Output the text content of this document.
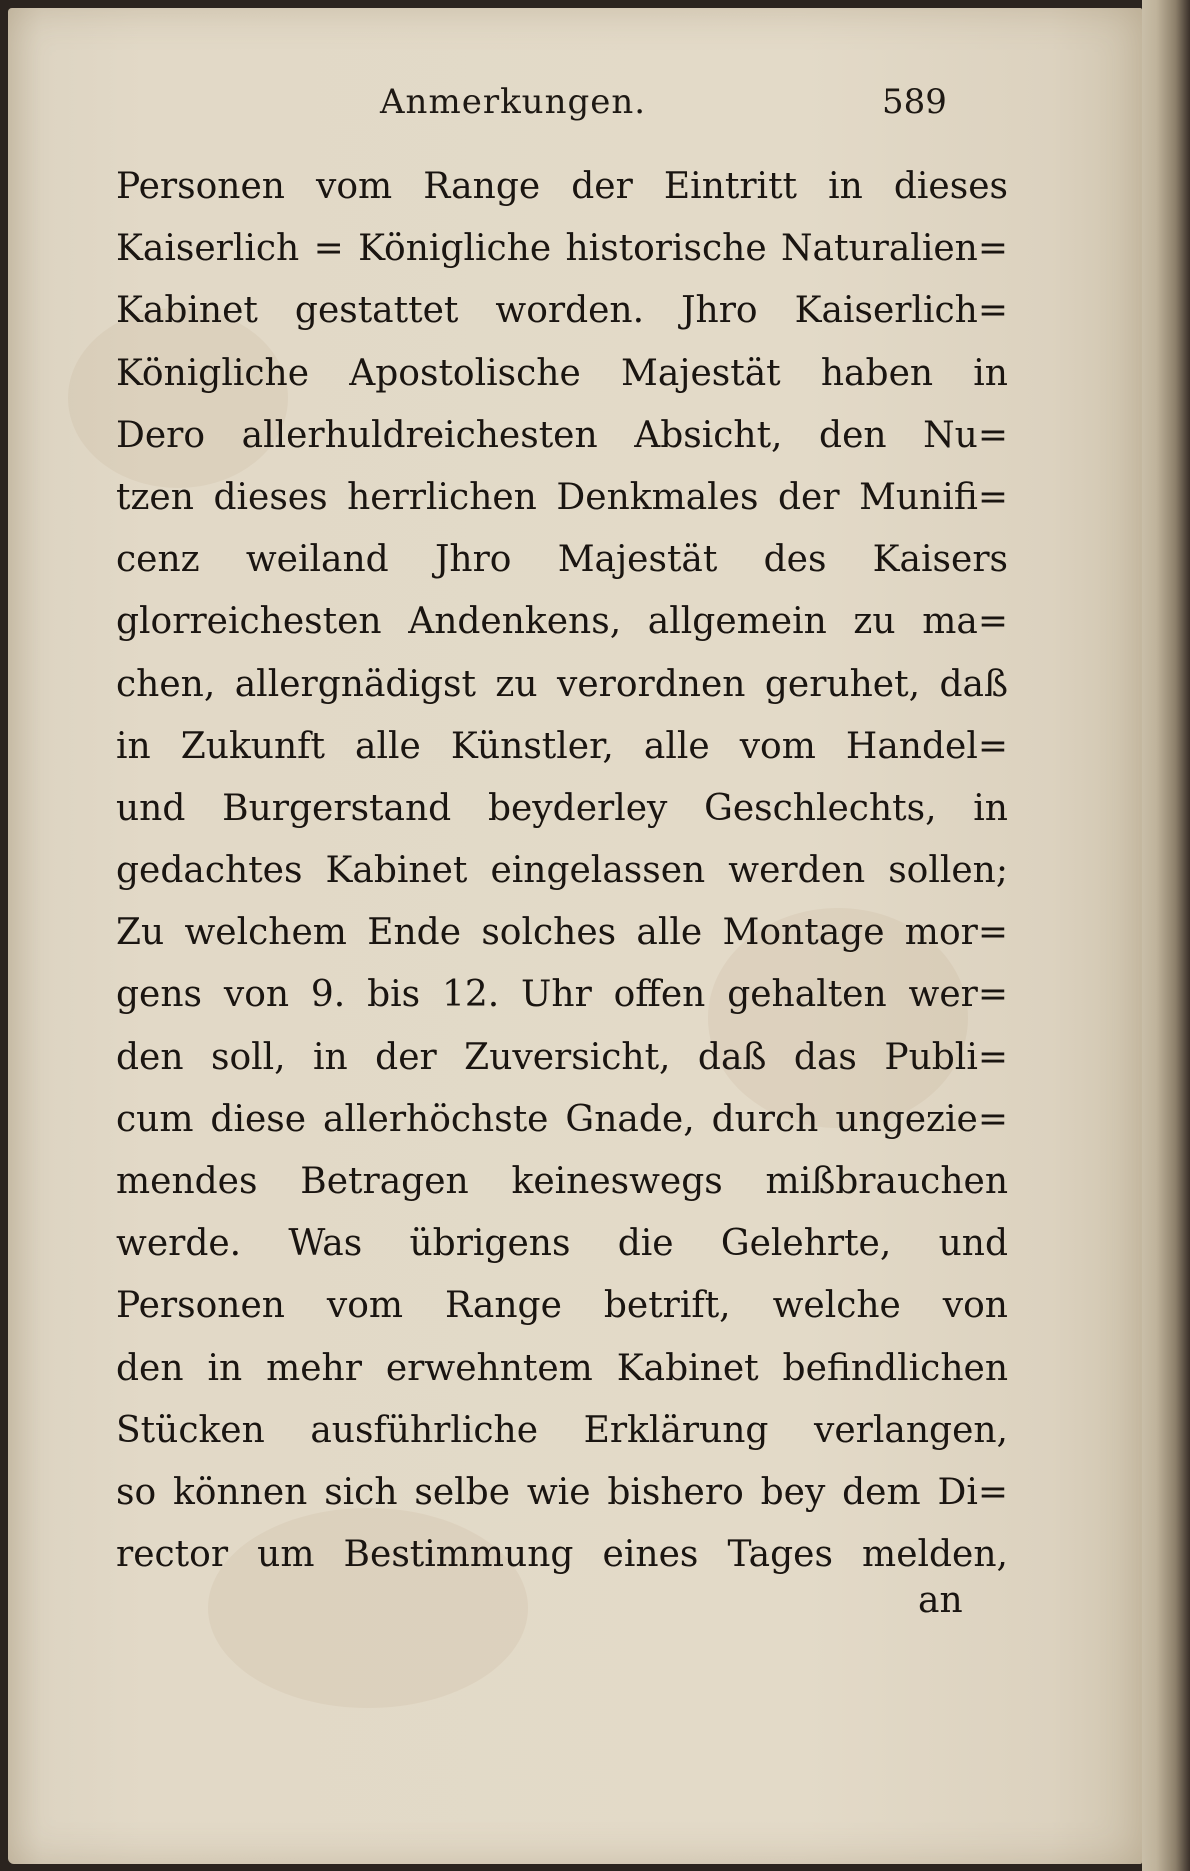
Anmerkungen.	589
Personen vom Range der Eintritt in dieses
Kaiserlich = Königliche historische Naturalien=
Kabinet gestattet worden. Jhro Kaiserlich=
Königliche Apostolische Majestät haben in
Dero allerhuldreichesten Absicht, den Nu=
tzen dieses herrlichen Denkmales der Munifi=
cenz weiland Jhro Majestät des Kaisers
glorreichesten Andenkens, allgemein zu ma=
chen, allergnädigst zu verordnen geruhet, daß
in Zukunft alle Künstler, alle vom Handel=
und Burgerstand beyderley Geschlechts, in
gedachtes Kabinet eingelassen werden sollen;
Zu welchem Ende solches alle Montage mor=
gens von 9. bis 12. Uhr offen gehalten wer=
den soll, in der Zuversicht, daß das Publi=
cum diese allerhöchste Gnade, durch ungezie=
mendes Betragen keineswegs mißbrauchen
werde. Was übrigens die Gelehrte, und
Personen vom Range betrift, welche von
den in mehr erwehntem Kabinet befindlichen
Stücken ausführliche Erklärung verlangen,
so können sich selbe wie bishero bey dem Di=
rector um Bestimmung eines Tages melden,
an
